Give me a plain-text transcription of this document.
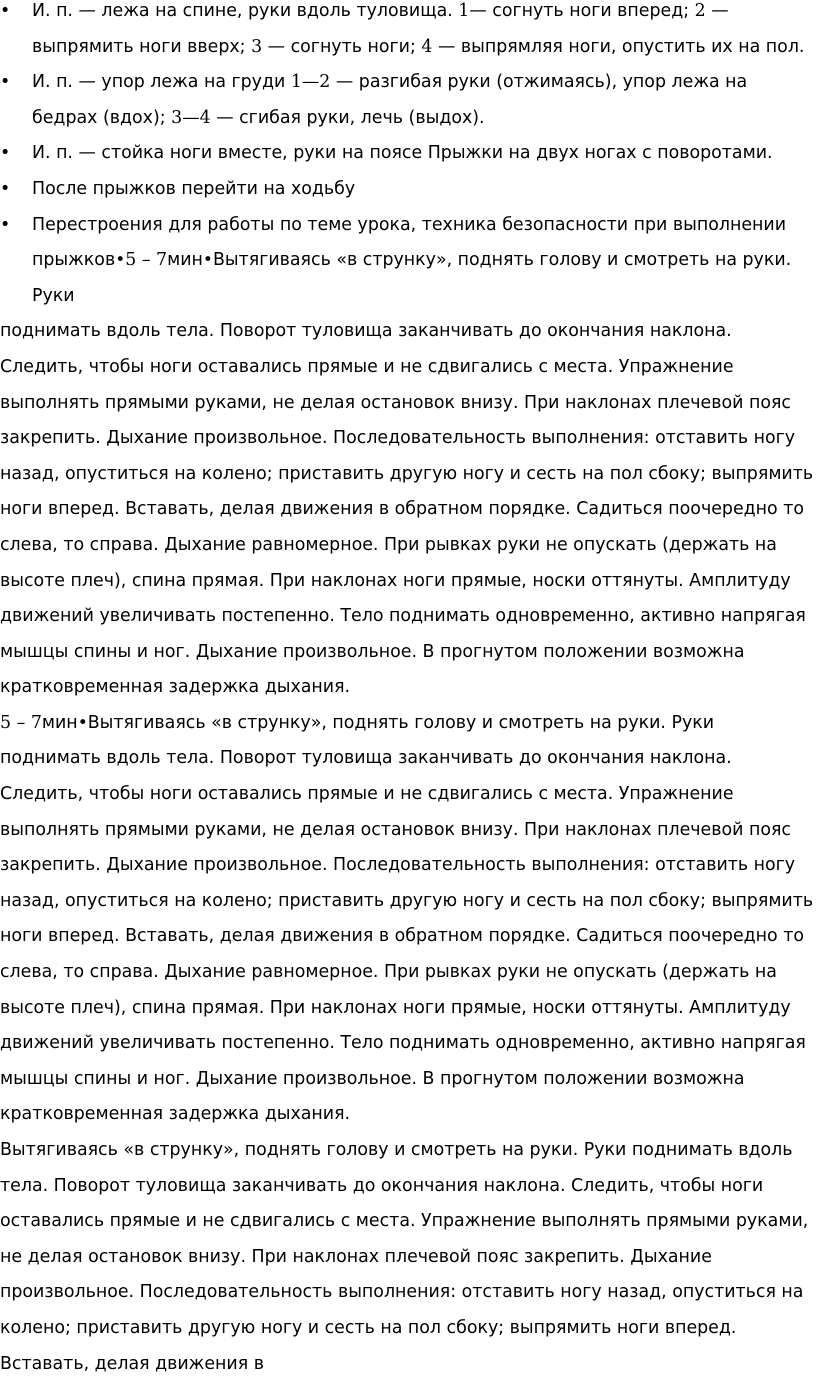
• И. п. — лежа на спине, руки вдоль туловища. 1— согнуть ноги вперед; 2 — выпрямить ноги вверх; 3 — согнуть ноги; 4 — выпрямляя ноги, опустить их на пол.
• И. п. — упор лежа на груди 1—2 — разгибая руки (отжимаясь), упор лежа на бедрах (вдох); 3—4 — сгибая руки, лечь (выдох).
• И. п. — стойка ноги вместе, руки на поясе Прыжки на двух ногах с поворотами.
• После прыжков перейти на ходьбу
• Перестроения для работы по теме урока, техника безопасности при выполнении прыжков•5 – 7мин•Вытягиваясь «в струнку», поднять голову и смотреть на руки. Руки

поднимать вдоль тела. Поворот туловища заканчивать до окончания наклона. Следить, чтобы ноги оставались прямые и не сдвигались с места. Упражнение выполнять прямыми руками, не делая остановок внизу. При наклонах плечевой пояс закрепить. Дыхание произвольное. Последовательность выполнения: отставить ногу назад, опуститься на колено; приставить другую ногу и сесть на пол сбоку; выпрямить ноги вперед. Вставать, делая движения в обратном порядке. Садиться поочередно то слева, то справа. Дыхание равномерное. При рывках руки не опускать (держать на высоте плеч), спина прямая. При наклонах ноги прямые, носки оттянуты. Амплитуду движений увеличивать постепенно. Тело поднимать одновременно, активно напрягая мышцы спины и ног. Дыхание произвольное. В прогнутом положении возможна кратковременная задержка дыхания.

5 – 7мин•Вытягиваясь «в струнку», поднять голову и смотреть на руки. Руки поднимать вдоль тела. Поворот туловища заканчивать до окончания наклона. Следить, чтобы ноги оставались прямые и не сдвигались с места. Упражнение выполнять прямыми руками, не делая остановок внизу. При наклонах плечевой пояс закрепить. Дыхание произвольное. Последовательность выполнения: отставить ногу назад, опуститься на колено; приставить другую ногу и сесть на пол сбоку; выпрямить ноги вперед. Вставать, делая движения в обратном порядке. Садиться поочередно то слева, то справа. Дыхание равномерное. При рывках руки не опускать (держать на высоте плеч), спина прямая. При наклонах ноги прямые, носки оттянуты. Амплитуду движений увеличивать постепенно. Тело поднимать одновременно, активно напрягая мышцы спины и ног. Дыхание произвольное. В прогнутом положении возможна кратковременная задержка дыхания.

Вытягиваясь «в струнку», поднять голову и смотреть на руки. Руки поднимать вдоль тела. Поворот туловища заканчивать до окончания наклона. Следить, чтобы ноги оставались прямые и не сдвигались с места. Упражнение выполнять прямыми руками, не делая остановок внизу. При наклонах плечевой пояс закрепить. Дыхание произвольное. Последовательность выполнения: отставить ногу назад, опуститься на колено; приставить другую ногу и сесть на пол сбоку; выпрямить ноги вперед. Вставать, делая движения в
